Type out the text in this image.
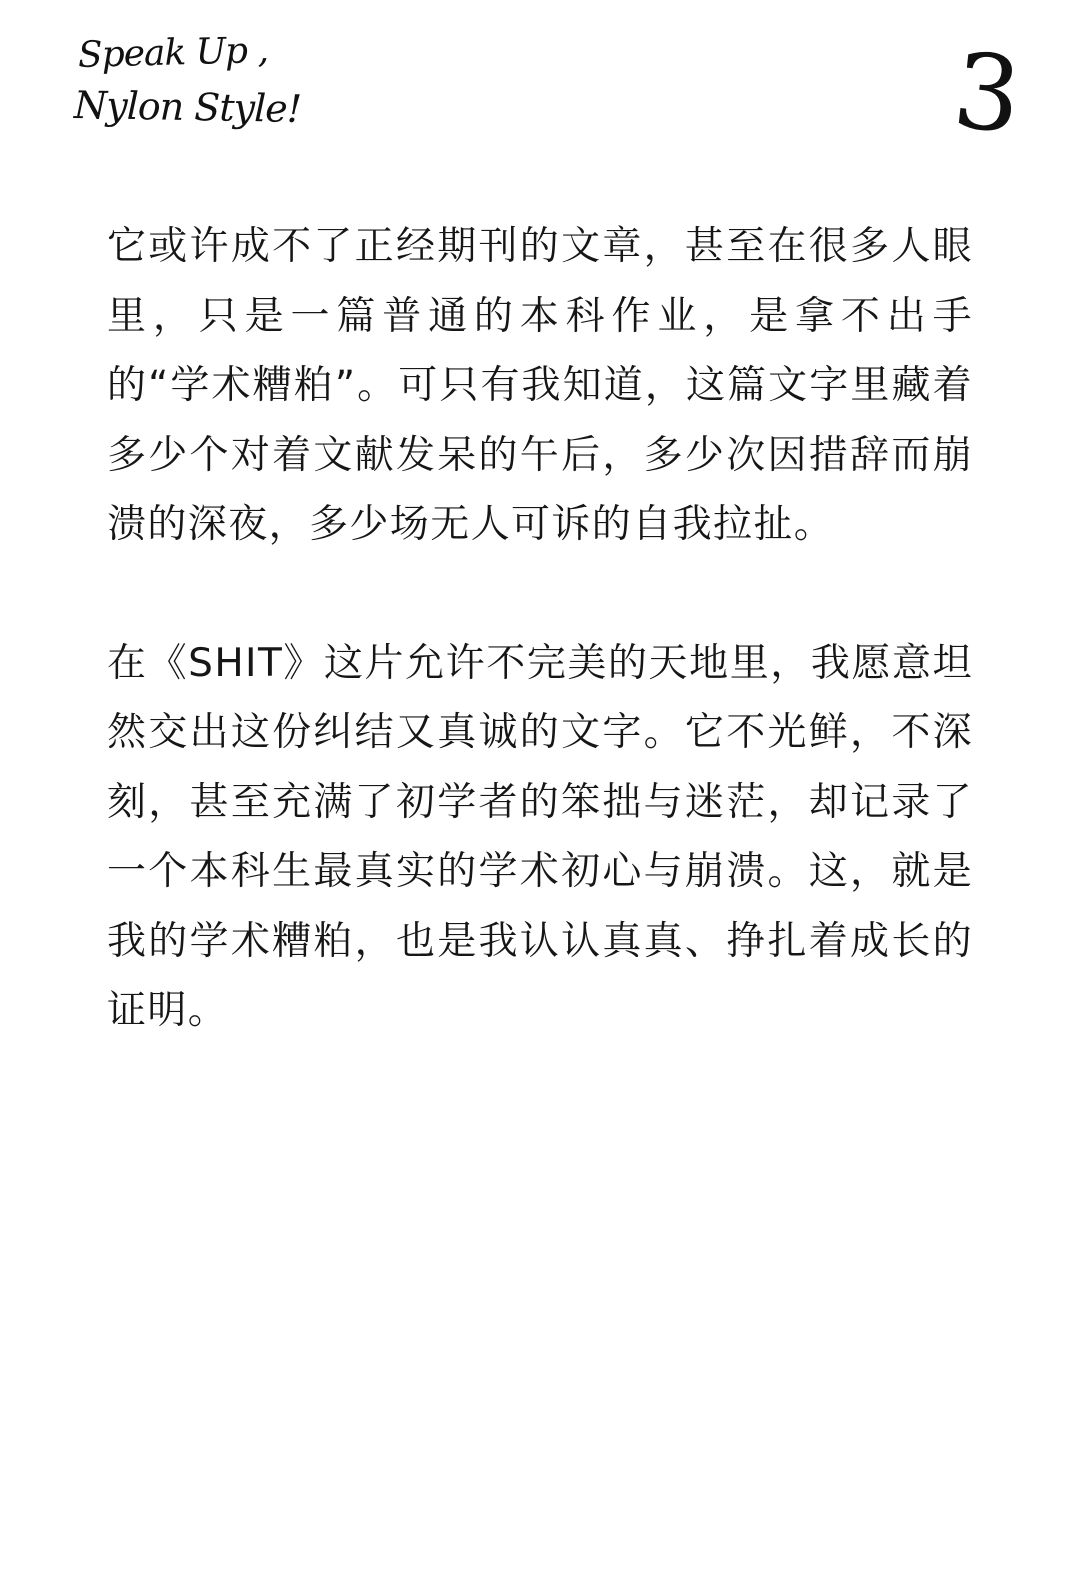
Speak Up ,
Nylon Style!	3

它或许成不了正经期刊的文章，甚至在很多人眼里，只是一篇普通的本科作业，是拿不出手的“学术糟粕”。可只有我知道，这篇文字里藏着多少个对着文献发呆的午后，多少次因措辞而崩溃的深夜，多少场无人可诉的自我拉扯。

在《SHIT》这片允许不完美的天地里，我愿意坦然交出这份纠结又真诚的文字。它不光鲜，不深刻，甚至充满了初学者的笨拙与迷茫，却记录了一个本科生最真实的学术初心与崩溃。这，就是我的学术糟粕，也是我认认真真、挣扎着成长的证明。
